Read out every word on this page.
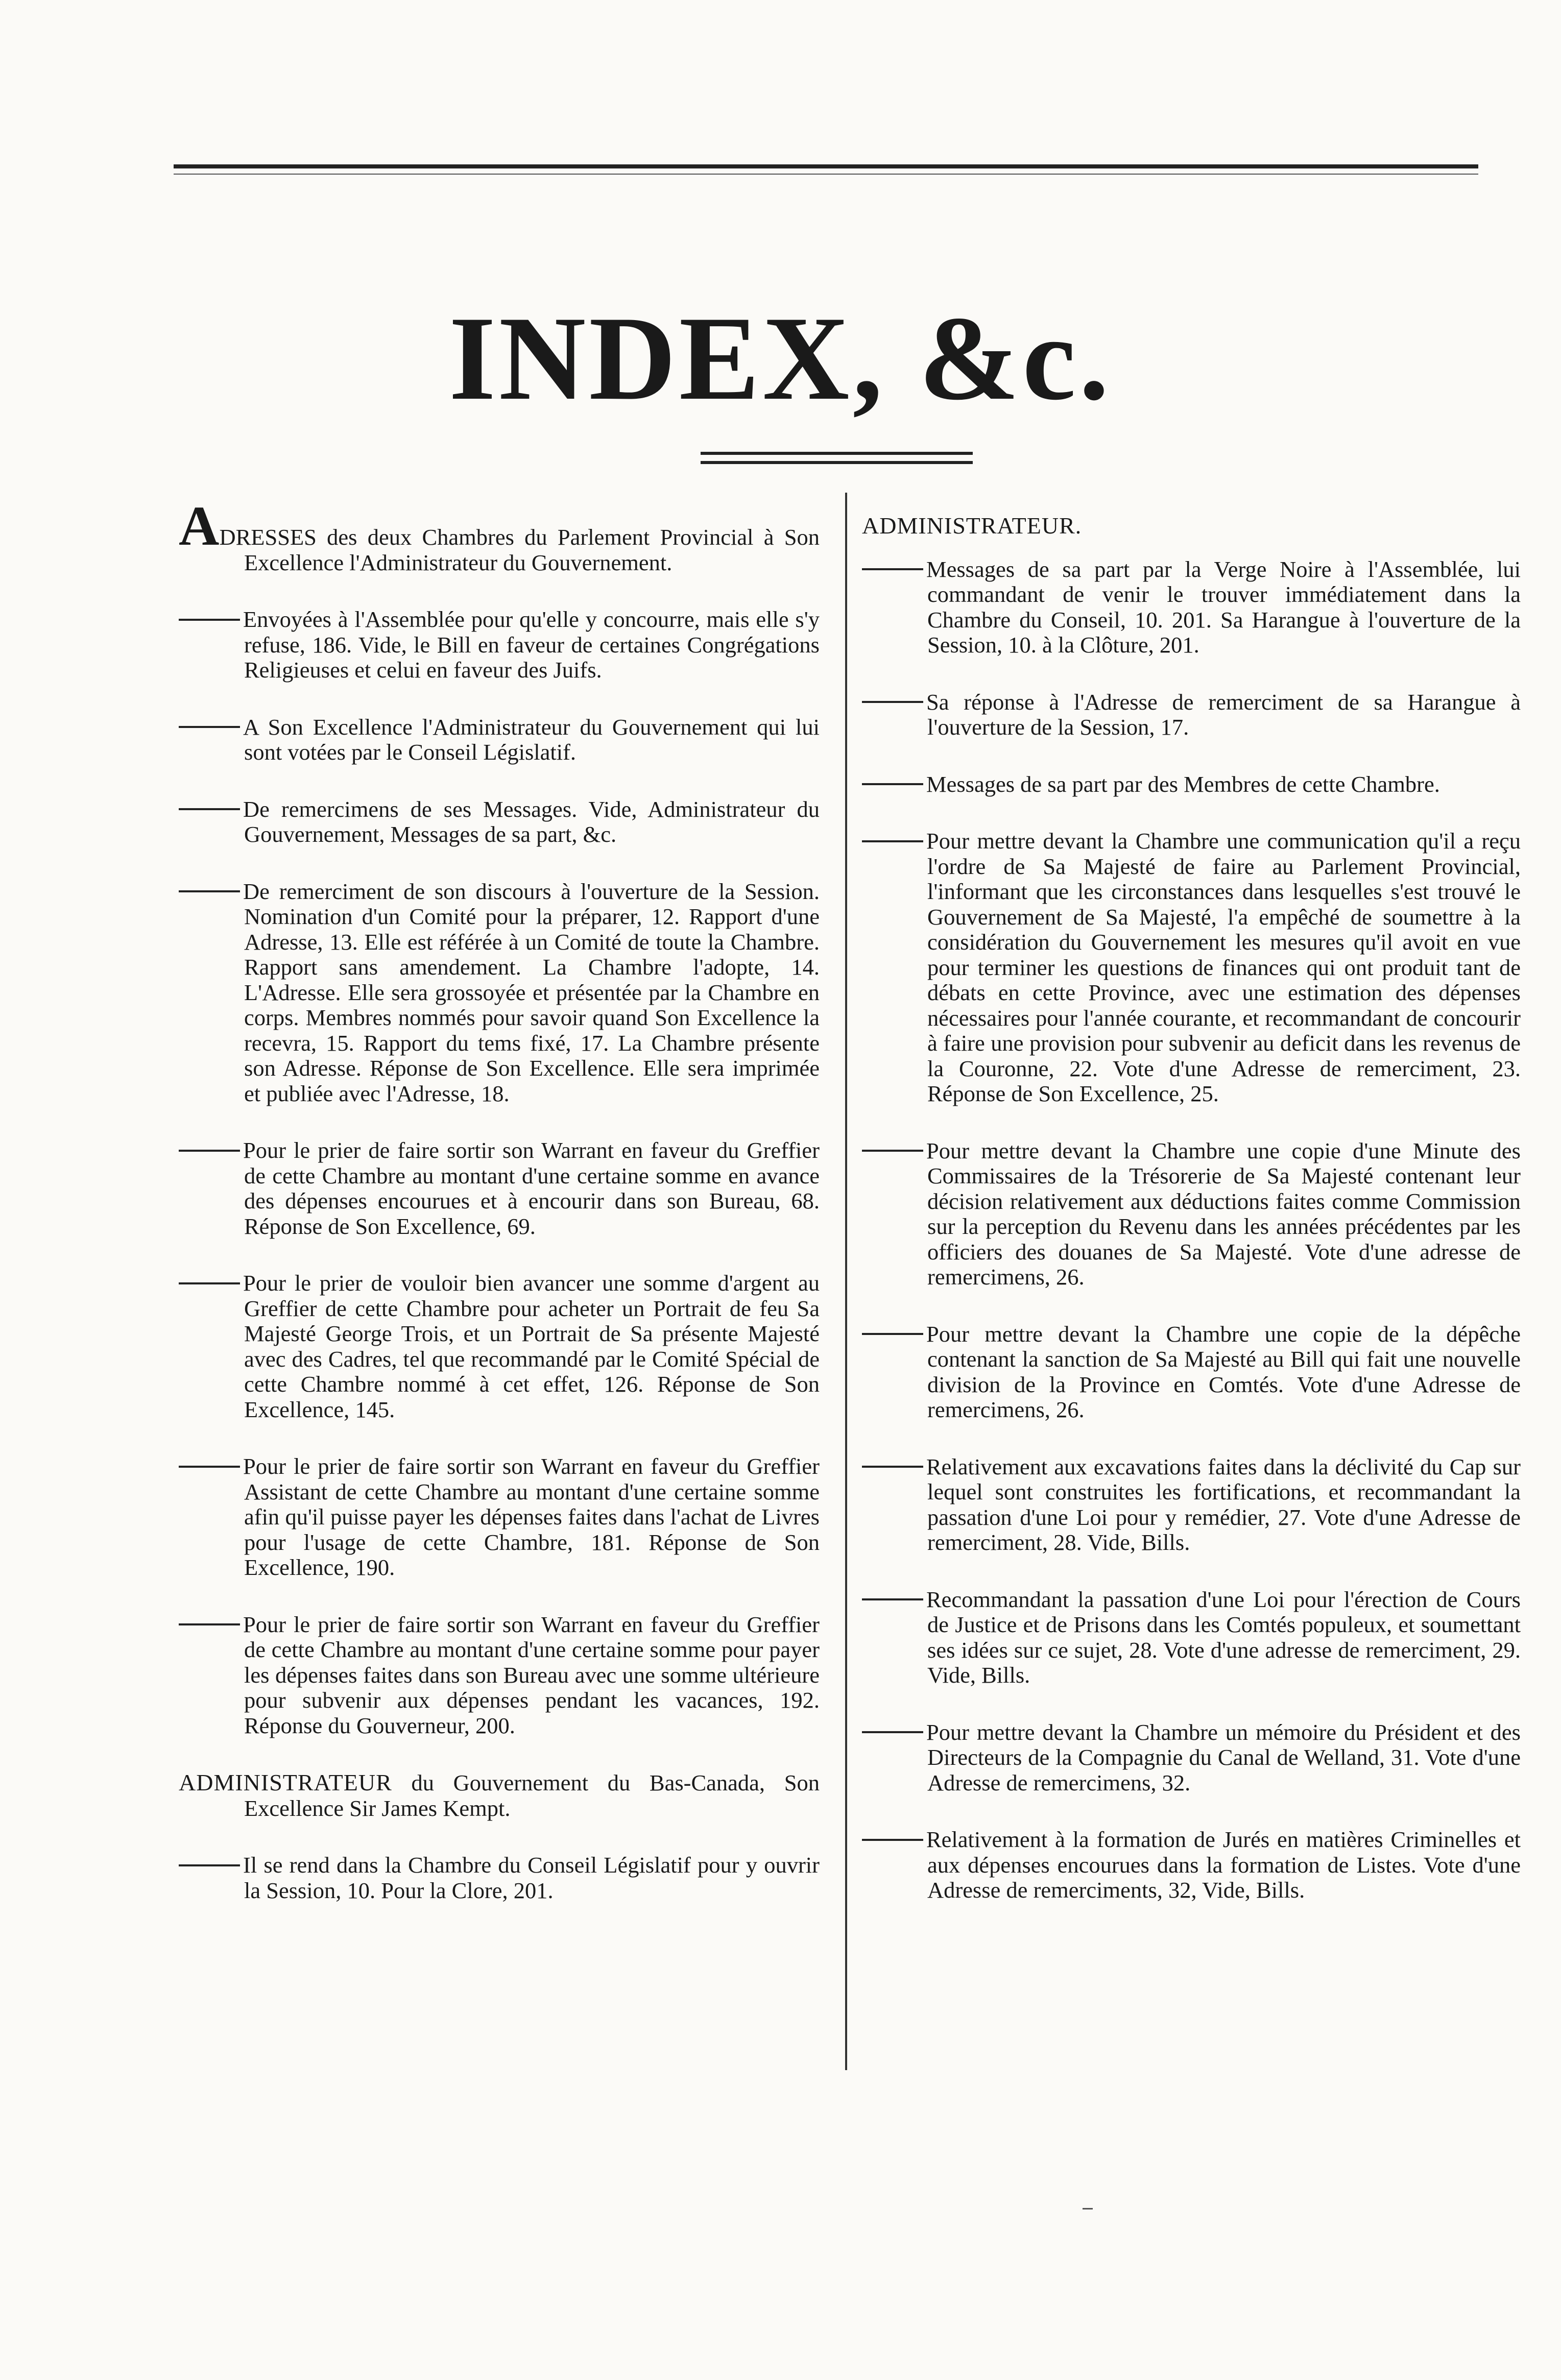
INDEX, &c.
ADRESSES des deux Chambres du Parlement Provincial à Son Excellence l'Administrateur du Gouvernement.
Envoyées à l'Assemblée pour qu'elle y concourre, mais elle s'y refuse, 186. Vide, le Bill en faveur de certaines Congrégations Religieuses et celui en faveur des Juifs.
A Son Excellence l'Administrateur du Gouvernement qui lui sont votées par le Conseil Législatif.
De remercimens de ses Messages. Vide, Administrateur du Gouvernement, Messages de sa part, &c.
De remerciment de son discours à l'ouverture de la Session. Nomination d'un Comité pour la préparer, 12. Rapport d'une Adresse, 13. Elle est référée à un Comité de toute la Chambre. Rapport sans amendement. La Chambre l'adopte, 14. L'Adresse. Elle sera grossoyée et présentée par la Chambre en corps. Membres nommés pour savoir quand Son Excellence la recevra, 15. Rapport du tems fixé, 17. La Chambre présente son Adresse. Réponse de Son Excellence. Elle sera imprimée et publiée avec l'Adresse, 18.
Pour le prier de faire sortir son Warrant en faveur du Greffier de cette Chambre au montant d'une certaine somme en avance des dépenses encourues et à encourir dans son Bureau, 68. Réponse de Son Excellence, 69.
Pour le prier de vouloir bien avancer une somme d'argent au Greffier de cette Chambre pour acheter un Portrait de feu Sa Majesté George Trois, et un Portrait de Sa présente Majesté avec des Cadres, tel que recommandé par le Comité Spécial de cette Chambre nommé à cet effet, 126. Réponse de Son Excellence, 145.
Pour le prier de faire sortir son Warrant en faveur du Greffier Assistant de cette Chambre au montant d'une certaine somme afin qu'il puisse payer les dépenses faites dans l'achat de Livres pour l'usage de cette Chambre, 181. Réponse de Son Excellence, 190.
Pour le prier de faire sortir son Warrant en faveur du Greffier de cette Chambre au montant d'une certaine somme pour payer les dépenses faites dans son Bureau avec une somme ultérieure pour subvenir aux dépenses pendant les vacances, 192. Réponse du Gouverneur, 200.
ADMINISTRATEUR du Gouvernement du Bas-Canada, Son Excellence Sir James Kempt.
Il se rend dans la Chambre du Conseil Législatif pour y ouvrir la Session, 10. Pour la Clore, 201.
ADMINISTRATEUR.
Messages de sa part par la Verge Noire à l'Assemblée, lui commandant de venir le trouver immédiatement dans la Chambre du Conseil, 10. 201. Sa Harangue à l'ouverture de la Session, 10. à la Clôture, 201.
Sa réponse à l'Adresse de remerciment de sa Harangue à l'ouverture de la Session, 17.
Messages de sa part par des Membres de cette Chambre.
Pour mettre devant la Chambre une communication qu'il a reçu l'ordre de Sa Majesté de faire au Parlement Provincial, l'informant que les circonstances dans lesquelles s'est trouvé le Gouvernement de Sa Majesté, l'a empêché de soumettre à la considération du Gouvernement les mesures qu'il avoit en vue pour terminer les questions de finances qui ont produit tant de débats en cette Province, avec une estimation des dépenses nécessaires pour l'année courante, et recommandant de concourir à faire une provision pour subvenir au deficit dans les revenus de la Couronne, 22. Vote d'une Adresse de remerciment, 23. Réponse de Son Excellence, 25.
Pour mettre devant la Chambre une copie d'une Minute des Commissaires de la Trésorerie de Sa Majesté contenant leur décision relativement aux déductions faites comme Commission sur la perception du Revenu dans les années précédentes par les officiers des douanes de Sa Majesté. Vote d'une adresse de remercimens, 26.
Pour mettre devant la Chambre une copie de la dépêche contenant la sanction de Sa Majesté au Bill qui fait une nouvelle division de la Province en Comtés. Vote d'une Adresse de remercimens, 26.
Relativement aux excavations faites dans la déclivité du Cap sur lequel sont construites les fortifications, et recommandant la passation d'une Loi pour y remédier, 27. Vote d'une Adresse de remerciment, 28. Vide, Bills.
Recommandant la passation d'une Loi pour l'érection de Cours de Justice et de Prisons dans les Comtés populeux, et soumettant ses idées sur ce sujet, 28. Vote d'une adresse de remerciment, 29. Vide, Bills.
Pour mettre devant la Chambre un mémoire du Président et des Directeurs de la Compagnie du Canal de Welland, 31. Vote d'une Adresse de remercimens, 32.
Relativement à la formation de Jurés en matières Criminelles et aux dépenses encourues dans la formation de Listes. Vote d'une Adresse de remerciments, 32, Vide, Bills.
